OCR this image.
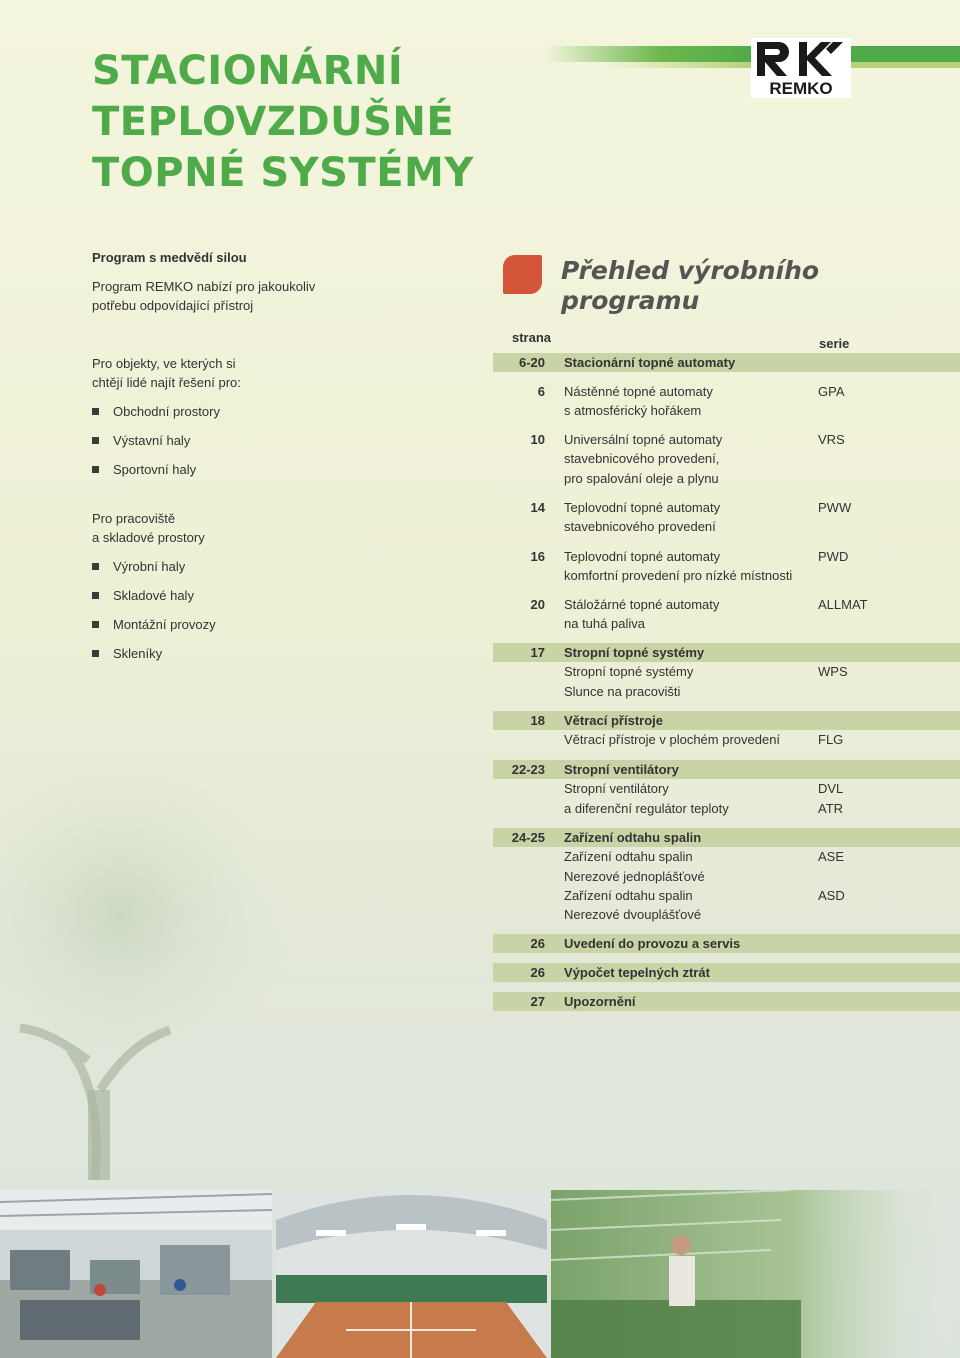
STACIONÁRNÍ
TEPLOVZDUŠNÉ
TOPNÉ SYSTÉMY
REMKO
Program s medvědí silou
Program REMKO nabízí pro jakoukoliv
potřebu odpovídající přístroj
Pro objekty, ve kterých si
chtějí lidé najít řešení pro:
Obchodní prostory
Výstavní haly
Sportovní haly
Pro pracoviště
a skladové prostory
Výrobní haly
Skladové haly
Montážní provozy
Skleníky
Přehled výrobního
programu
strana	serie
6-20 Stacionární topné automaty
6 Nástěnné topné automaty	GPA
s atmosférický hořákem
10 Universální topné automaty	VRS
stavebnicového provedení,
pro spalování oleje a plynu
14 Teplovodní topné automaty	PWW
stavebnicového provedení
16 Teplovodní topné automaty	PWD
komfortní provedení pro nízké místnosti
20 Stáložárné topné automaty	ALLMAT
na tuhá paliva
17 Stropní topné systémy
Stropní topné systémy	WPS
Slunce na pracovišti
18 Větrací přístroje
Větrací přístroje v plochém provedení	FLG
22-23 Stropní ventilátory
Stropní ventilátory	DVL
a diferenční regulátor teploty	ATR
24-25 Zařízení odtahu spalin
Zařízení odtahu spalin	ASE
Nerezové jednoplášťové
Zařízení odtahu spalin	ASD
Nerezové dvouplášťové
26 Uvedení do provozu a servis
26 Výpočet tepelných ztrát
27 Upozornění
